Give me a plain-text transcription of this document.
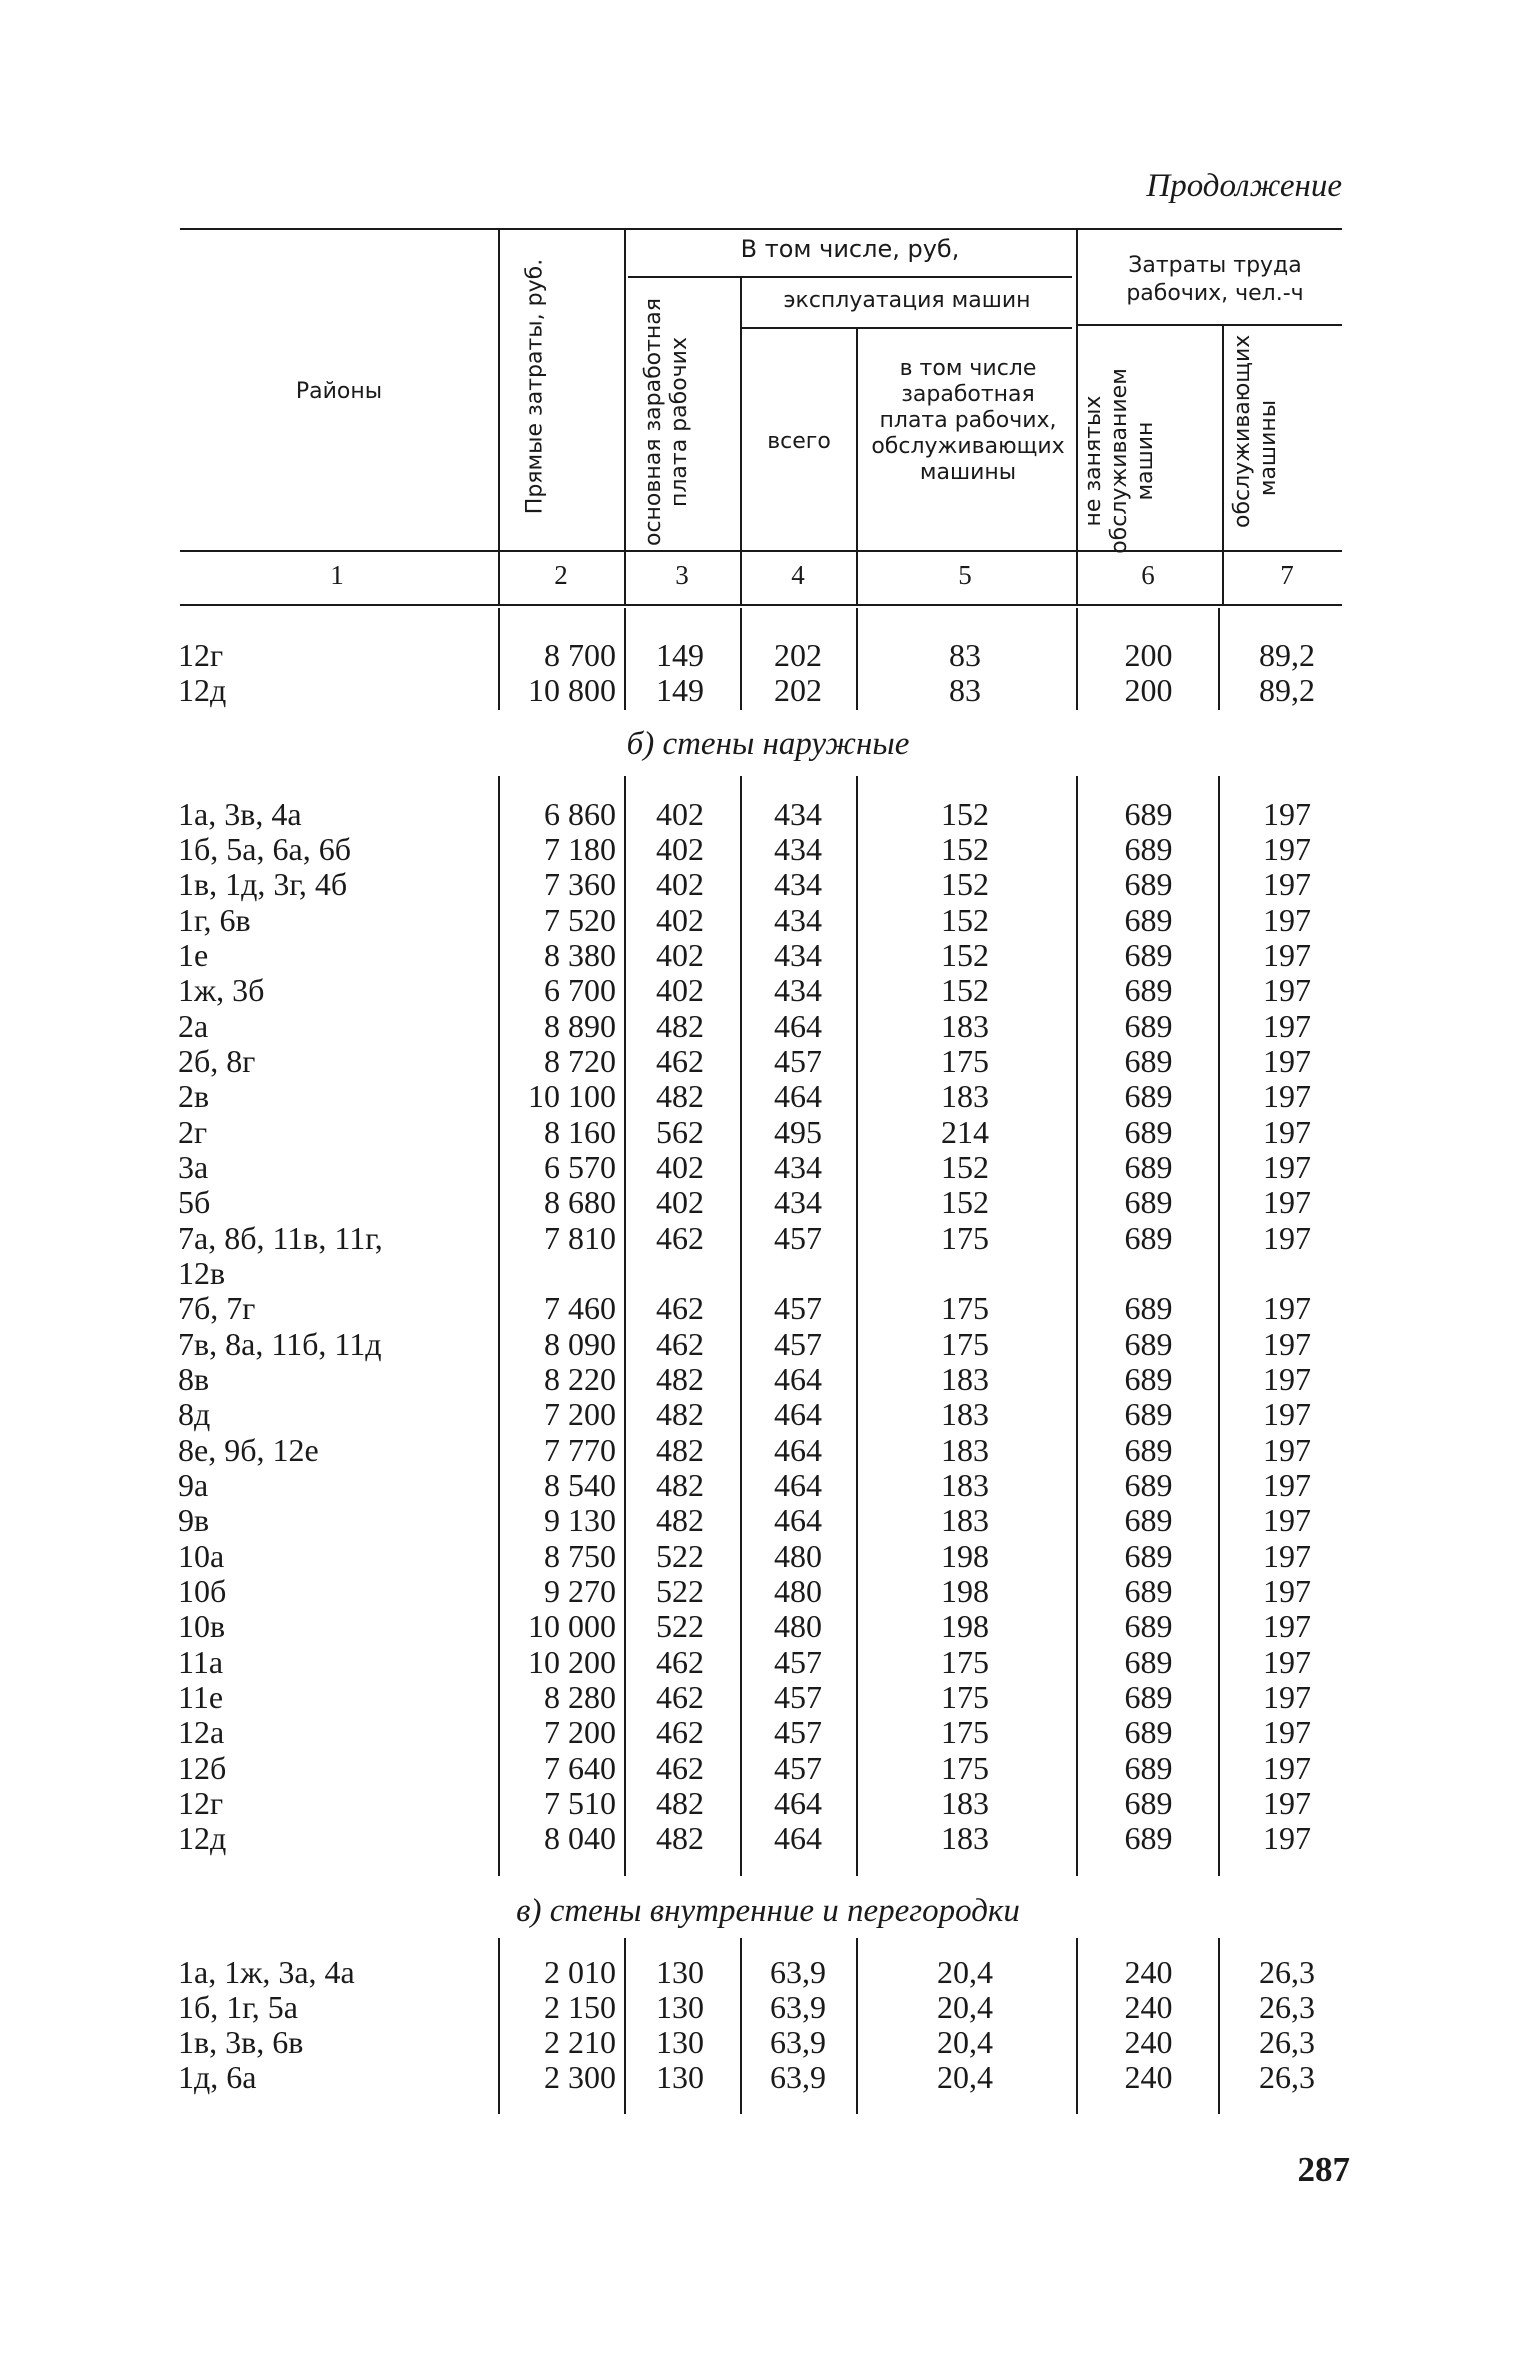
Продолжение
Районы	Прямые затраты, руб.
В том числе, руб,
основная заработная плата рабочих
эксплуатация машин
всего
в том числе заработная плата рабочих, обслуживающих машины
Затраты труда рабочих, чел.-ч
не занятых обслуживанием машин	обслуживающих машины
1	2	3	4	5	6	7
12г	8 700	149	202	83	200	89,2
12д	10 800	149	202	83	200	89,2
б) стены наружные
1а, 3в, 4а	6 860	402	434	152	689	197
1б, 5а, 6а, 6б	7 180	402	434	152	689	197
1в, 1д, 3г, 4б	7 360	402	434	152	689	197
1г, 6в	7 520	402	434	152	689	197
1е	8 380	402	434	152	689	197
1ж, 3б	6 700	402	434	152	689	197
2а	8 890	482	464	183	689	197
2б, 8г	8 720	462	457	175	689	197
2в	10 100	482	464	183	689	197
2г	8 160	562	495	214	689	197
3а	6 570	402	434	152	689	197
5б	8 680	402	434	152	689	197
7а, 8б, 11в, 11г,	7 810	462	457	175	689	197
12в
7б, 7г	7 460	462	457	175	689	197
7в, 8а, 11б, 11д	8 090	462	457	175	689	197
8в	8 220	482	464	183	689	197
8д	7 200	482	464	183	689	197
8е, 9б, 12е	7 770	482	464	183	689	197
9а	8 540	482	464	183	689	197
9в	9 130	482	464	183	689	197
10а	8 750	522	480	198	689	197
10б	9 270	522	480	198	689	197
10в	10 000	522	480	198	689	197
11а	10 200	462	457	175	689	197
11е	8 280	462	457	175	689	197
12а	7 200	462	457	175	689	197
12б	7 640	462	457	175	689	197
12г	7 510	482	464	183	689	197
12д	8 040	482	464	183	689	197
в) стены внутренние и перегородки
1а, 1ж, 3а, 4а	2 010	130	63,9	20,4	240	26,3
1б, 1г, 5а	2 150	130	63,9	20,4	240	26,3
1в, 3в, 6в	2 210	130	63,9	20,4	240	26,3
1д, 6а	2 300	130	63,9	20,4	240	26,3
287
